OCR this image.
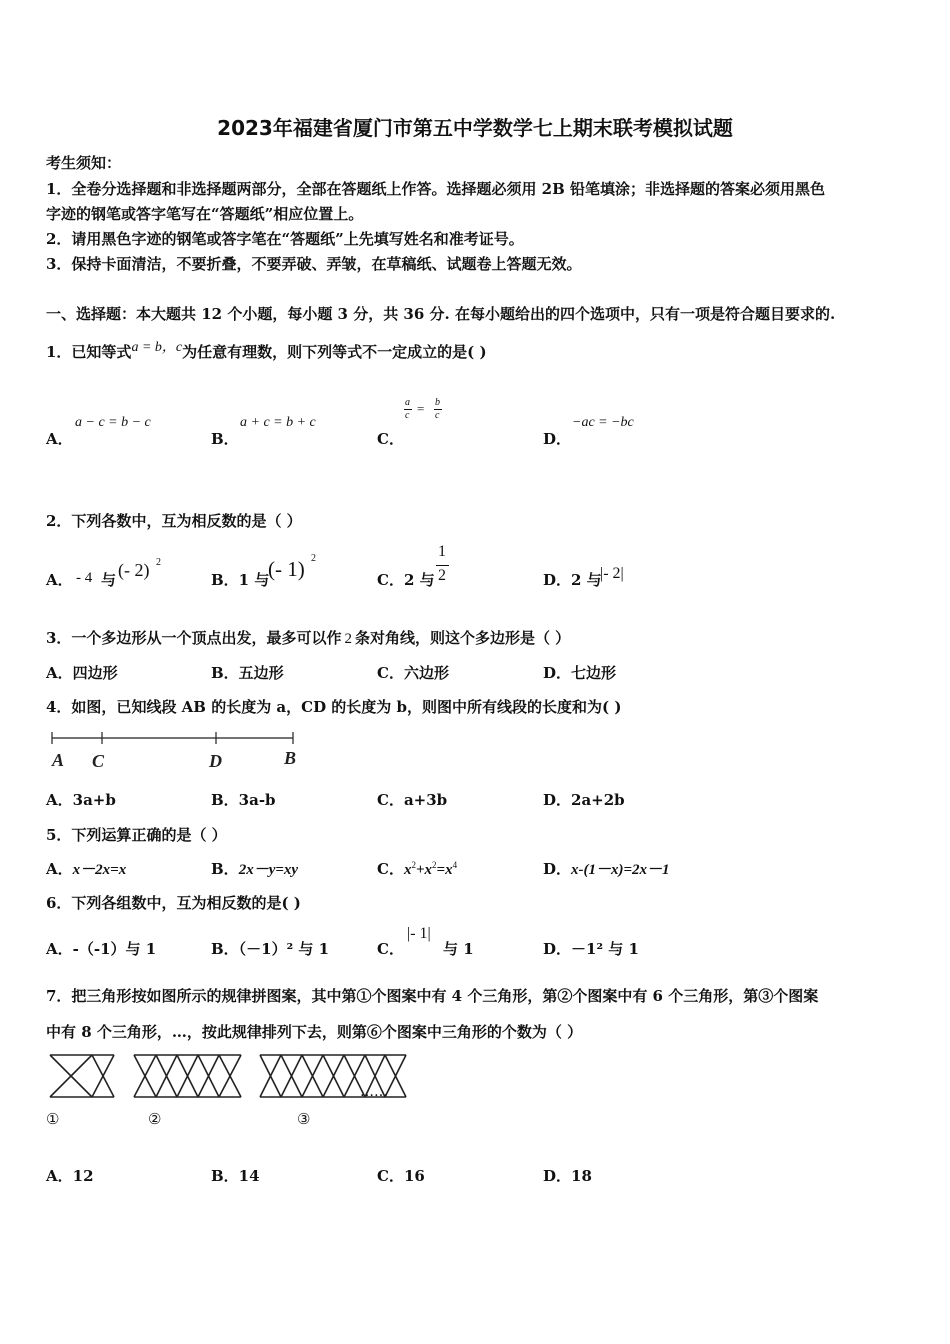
2023年福建省厦门市第五中学数学七上期末联考模拟试题
考生须知：
1．全卷分选择题和非选择题两部分，全部在答题纸上作答。选择题必须用 2B 铅笔填涂；非选择题的答案必须用黑色
字迹的钢笔或答字笔写在“答题纸”相应位置上。
2．请用黑色字迹的钢笔或答字笔在“答题纸”上先填写姓名和准考证号。
3．保持卡面清洁，不要折叠，不要弄破、弄皱，在草稿纸、试题卷上答题无效。
一、选择题：本大题共 12 个小题，每小题 3 分，共 36 分. 在每小题给出的四个选项中，只有一项是符合题目要求的.
1．已知等式a = b，c为任意有理数，则下列等式不一定成立的是( )
A．
a − c = b − c
B．
a + c = b + c
C．
a
c = b
c
D．
−ac = −bc
2．下列各数中，互为相反数的是（ ）
A． - 4 与 (- 2) 2
B．1 与
(- 1) 2
C．2 与
1
2	D．2 与
|- 2|
3．一个多边形从一个顶点出发，最多可以作 2 条对角线，则这个多边形是（ ）
A．四边形	B．五边形	C．六边形	D．七边形
4．如图，已知线段 AB 的长度为 a，CD 的长度为 b，则图中所有线段的长度和为( )
A C	D	B
A．3a+b	B．3a-b	C．a+3b	D．2a+2b
5．下列运算正确的是（ ）
A．x－2x=x	B．2x－y=xy	C．$x^2+x^2=x^4$	D．x-(1－x)=2x－1
6．下列各组数中，互为相反数的是( )
A．-（-1）与 1	B．（－1）² 与 1	C．
|- 1|
与 1	D．－1² 与 1
7．把三角形按如图所示的规律拼图案，其中第①个图案中有 4 个三角形，第②个图案中有 6 个三角形，第③个图案
中有 8 个三角形，…，按此规律排列下去，则第⑥个图案中三角形的个数为（ ）
……
①	②	③
A．12	B．14	C．16	D．18
